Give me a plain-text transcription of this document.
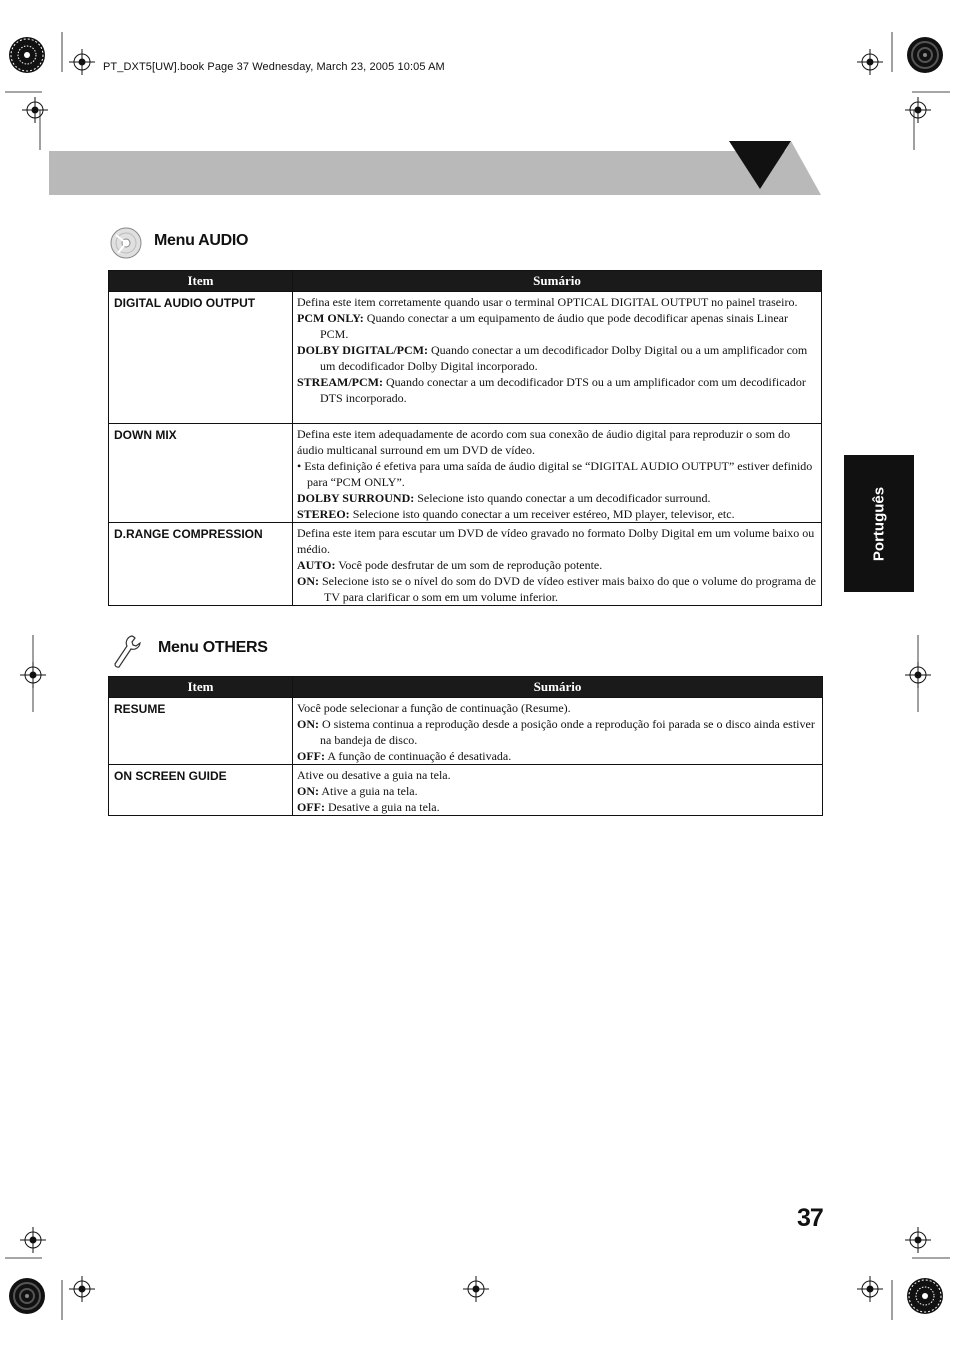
PT_DXT5[UW].book Page 37 Wednesday, March 23, 2005 10:05 AM
Menu AUDIO
Item	Sumário
DIGITAL AUDIO OUTPUT	Defina este item corretamente quando usar o terminal OPTICAL DIGITAL OUTPUT no painel traseiro.

PCM ONLY: Quando conectar a um equipamento de áudio que pode decodificar apenas sinais Linear PCM.

DOLBY DIGITAL/PCM: Quando conectar a um decodificador Dolby Digital ou a um amplificador com um decodificador Dolby Digital incorporado.

STREAM/PCM: Quando conectar a um decodificador DTS ou a um amplificador com um decodificador DTS incorporado.

DOWN MIX	Defina este item adequadamente de acordo com sua conexão de áudio digital para reproduzir o som do áudio multicanal surround em um DVD de vídeo.

• Esta definição é efetiva para uma saída de áudio digital se “DIGITAL AUDIO OUTPUT” estiver definido para “PCM ONLY”.

DOLBY SURROUND: Selecione isto quando conectar a um decodificador surround.

STEREO: Selecione isto quando conectar a um receiver estéreo, MD player, televisor, etc.

D.RANGE COMPRESSION	Defina este item para escutar um DVD de vídeo gravado no formato Dolby Digital em um volume baixo ou médio.

AUTO: Você pode desfrutar de um som de reprodução potente.

ON: Selecione isto se o nível do som do DVD de vídeo estiver mais baixo do que o volume do programa de TV para clarificar o som em um volume inferior.

Menu OTHERS
Item	Sumário
RESUME	Você pode selecionar a função de continuação (Resume).

ON: O sistema continua a reprodução desde a posição onde a reprodução foi parada se o disco ainda estiver na bandeja de disco.

OFF: A função de continuação é desativada.

ON SCREEN GUIDE	Ative ou desative a guia na tela.

ON: Ative a guia na tela.

OFF: Desative a guia na tela.

Português
37
